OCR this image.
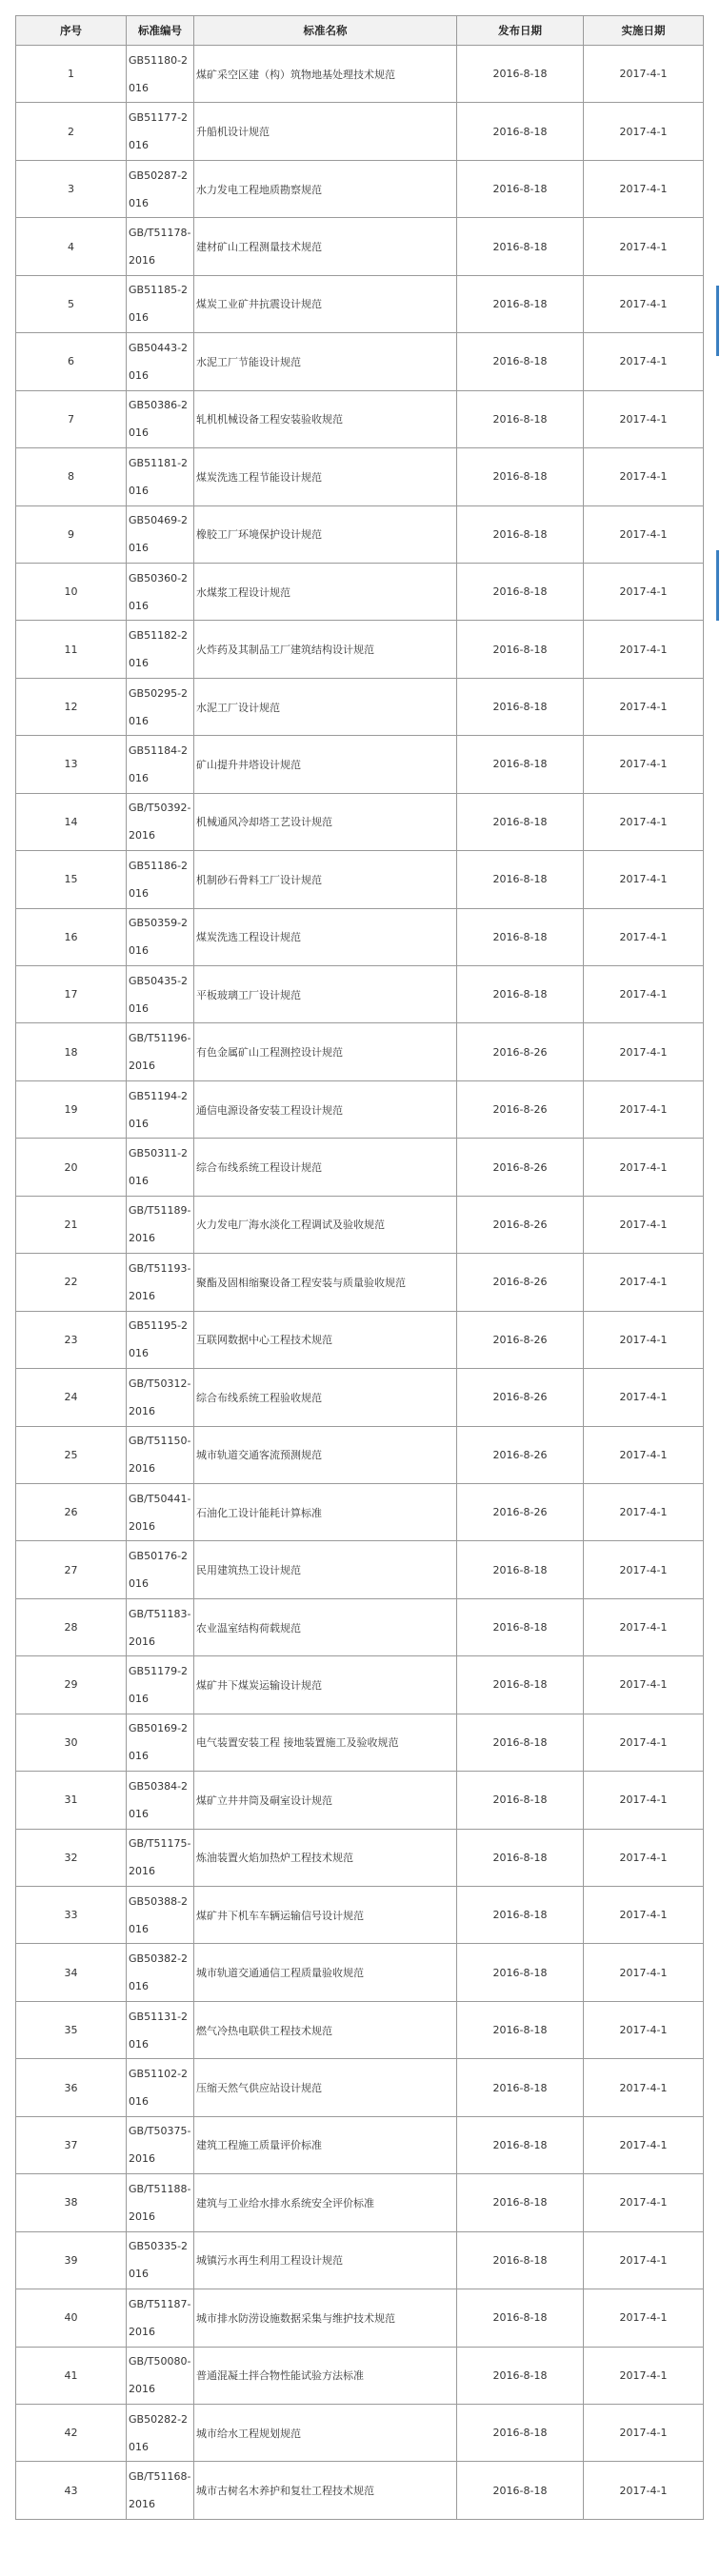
序号	标准编号	标准名称	发布日期	实施日期
1	GB51180-2016	煤矿采空区建（构）筑物地基处理技术规范	2016-8-18	2017-4-1
2	GB51177-2016	升船机设计规范	2016-8-18	2017-4-1
3	GB50287-2016	水力发电工程地质勘察规范	2016-8-18	2017-4-1
4	GB/T51178-2016	建材矿山工程测量技术规范	2016-8-18	2017-4-1
5	GB51185-2016	煤炭工业矿井抗震设计规范	2016-8-18	2017-4-1
6	GB50443-2016	水泥工厂节能设计规范	2016-8-18	2017-4-1
7	GB50386-2016	轧机机械设备工程安装验收规范	2016-8-18	2017-4-1
8	GB51181-2016	煤炭洗选工程节能设计规范	2016-8-18	2017-4-1
9	GB50469-2016	橡胶工厂环境保护设计规范	2016-8-18	2017-4-1
10	GB50360-2016	水煤浆工程设计规范	2016-8-18	2017-4-1
11	GB51182-2016	火炸药及其制品工厂建筑结构设计规范	2016-8-18	2017-4-1
12	GB50295-2016	水泥工厂设计规范	2016-8-18	2017-4-1
13	GB51184-2016	矿山提升井塔设计规范	2016-8-18	2017-4-1
14	GB/T50392-2016	机械通风冷却塔工艺设计规范	2016-8-18	2017-4-1
15	GB51186-2016	机制砂石骨料工厂设计规范	2016-8-18	2017-4-1
16	GB50359-2016	煤炭洗选工程设计规范	2016-8-18	2017-4-1
17	GB50435-2016	平板玻璃工厂设计规范	2016-8-18	2017-4-1
18	GB/T51196-2016	有色金属矿山工程测控设计规范	2016-8-26	2017-4-1
19	GB51194-2016	通信电源设备安装工程设计规范	2016-8-26	2017-4-1
20	GB50311-2016	综合布线系统工程设计规范	2016-8-26	2017-4-1
21	GB/T51189-2016	火力发电厂海水淡化工程调试及验收规范	2016-8-26	2017-4-1
22	GB/T51193-2016	聚酯及固相缩聚设备工程安装与质量验收规范	2016-8-26	2017-4-1
23	GB51195-2016	互联网数据中心工程技术规范	2016-8-26	2017-4-1
24	GB/T50312-2016	综合布线系统工程验收规范	2016-8-26	2017-4-1
25	GB/T51150-2016	城市轨道交通客流预测规范	2016-8-26	2017-4-1
26	GB/T50441-2016	石油化工设计能耗计算标准	2016-8-26	2017-4-1
27	GB50176-2016	民用建筑热工设计规范	2016-8-18	2017-4-1
28	GB/T51183-2016	农业温室结构荷载规范	2016-8-18	2017-4-1
29	GB51179-2016	煤矿井下煤炭运输设计规范	2016-8-18	2017-4-1
30	GB50169-2016	电气装置安装工程 接地装置施工及验收规范	2016-8-18	2017-4-1
31	GB50384-2016	煤矿立井井筒及硐室设计规范	2016-8-18	2017-4-1
32	GB/T51175-2016	炼油装置火焰加热炉工程技术规范	2016-8-18	2017-4-1
33	GB50388-2016	煤矿井下机车车辆运输信号设计规范	2016-8-18	2017-4-1
34	GB50382-2016	城市轨道交通通信工程质量验收规范	2016-8-18	2017-4-1
35	GB51131-2016	燃气冷热电联供工程技术规范	2016-8-18	2017-4-1
36	GB51102-2016	压缩天然气供应站设计规范	2016-8-18	2017-4-1
37	GB/T50375-2016	建筑工程施工质量评价标准	2016-8-18	2017-4-1
38	GB/T51188-2016	建筑与工业给水排水系统安全评价标准	2016-8-18	2017-4-1
39	GB50335-2016	城镇污水再生利用工程设计规范	2016-8-18	2017-4-1
40	GB/T51187-2016	城市排水防涝设施数据采集与维护技术规范	2016-8-18	2017-4-1
41	GB/T50080-2016	普通混凝土拌合物性能试验方法标准	2016-8-18	2017-4-1
42	GB50282-2016	城市给水工程规划规范	2016-8-18	2017-4-1
43	GB/T51168-2016	城市古树名木养护和复壮工程技术规范	2016-8-18	2017-4-1
